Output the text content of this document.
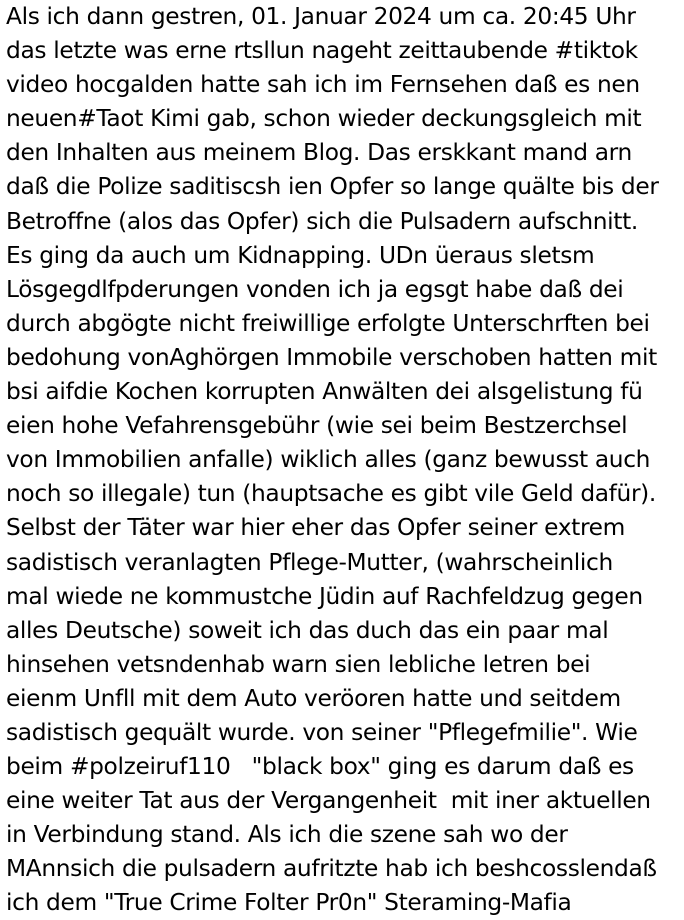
Als ich dann gestren, 01. Januar 2024 um ca. 20:45 Uhr
das letzte was erne rtsllun nageht zeittaubende #tiktok
video hocgalden hatte sah ich im Fernsehen daß es nen
neuen#Taot Kimi gab, schon wieder deckungsgleich mit
den Inhalten aus meinem Blog. Das erskkant mand arn
daß die Polize saditiscsh ien Opfer so lange quälte bis der
Betroffne (alos das Opfer) sich die Pulsadern aufschnitt.
Es ging da auch um Kidnapping. UDn üeraus sletsm
Lösgegdlfpderungen vonden ich ja egsgt habe daß dei
durch abgögte nicht freiwillige erfolgte Unterschrften bei
bedohung vonAghörgen Immobile verschoben hatten mit
bsi aifdie Kochen korrupten Anwälten dei alsgelistung fü
eien hohe Vefahrensgebühr (wie sei beim Bestzerchsel
von Immobilien anfalle) wiklich alles (ganz bewusst auch
noch so illegale) tun (hauptsache es gibt vile Geld dafür).
Selbst der Täter war hier eher das Opfer seiner extrem
sadistisch veranlagten Pflege-Mutter, (wahrscheinlich
mal wiede ne kommustche Jüdin auf Rachfeldzug gegen
alles Deutsche) soweit ich das duch das ein paar mal
hinsehen vetsndenhab warn sien lebliche letren bei
eienm Unfll mit dem Auto veröoren hatte und seitdem
sadistisch gequält wurde. von seiner "Pflegefmilie". Wie
beim #polzeiruf110   "black box" ging es darum daß es
eine weiter Tat aus der Vergangenheit  mit iner aktuellen
in Verbindung stand. Als ich die szene sah wo der
MAnnsich die pulsadern aufritzte hab ich beshcosslendaß
ich dem "True Crime Folter Pr0n" Steraming-Mafia
